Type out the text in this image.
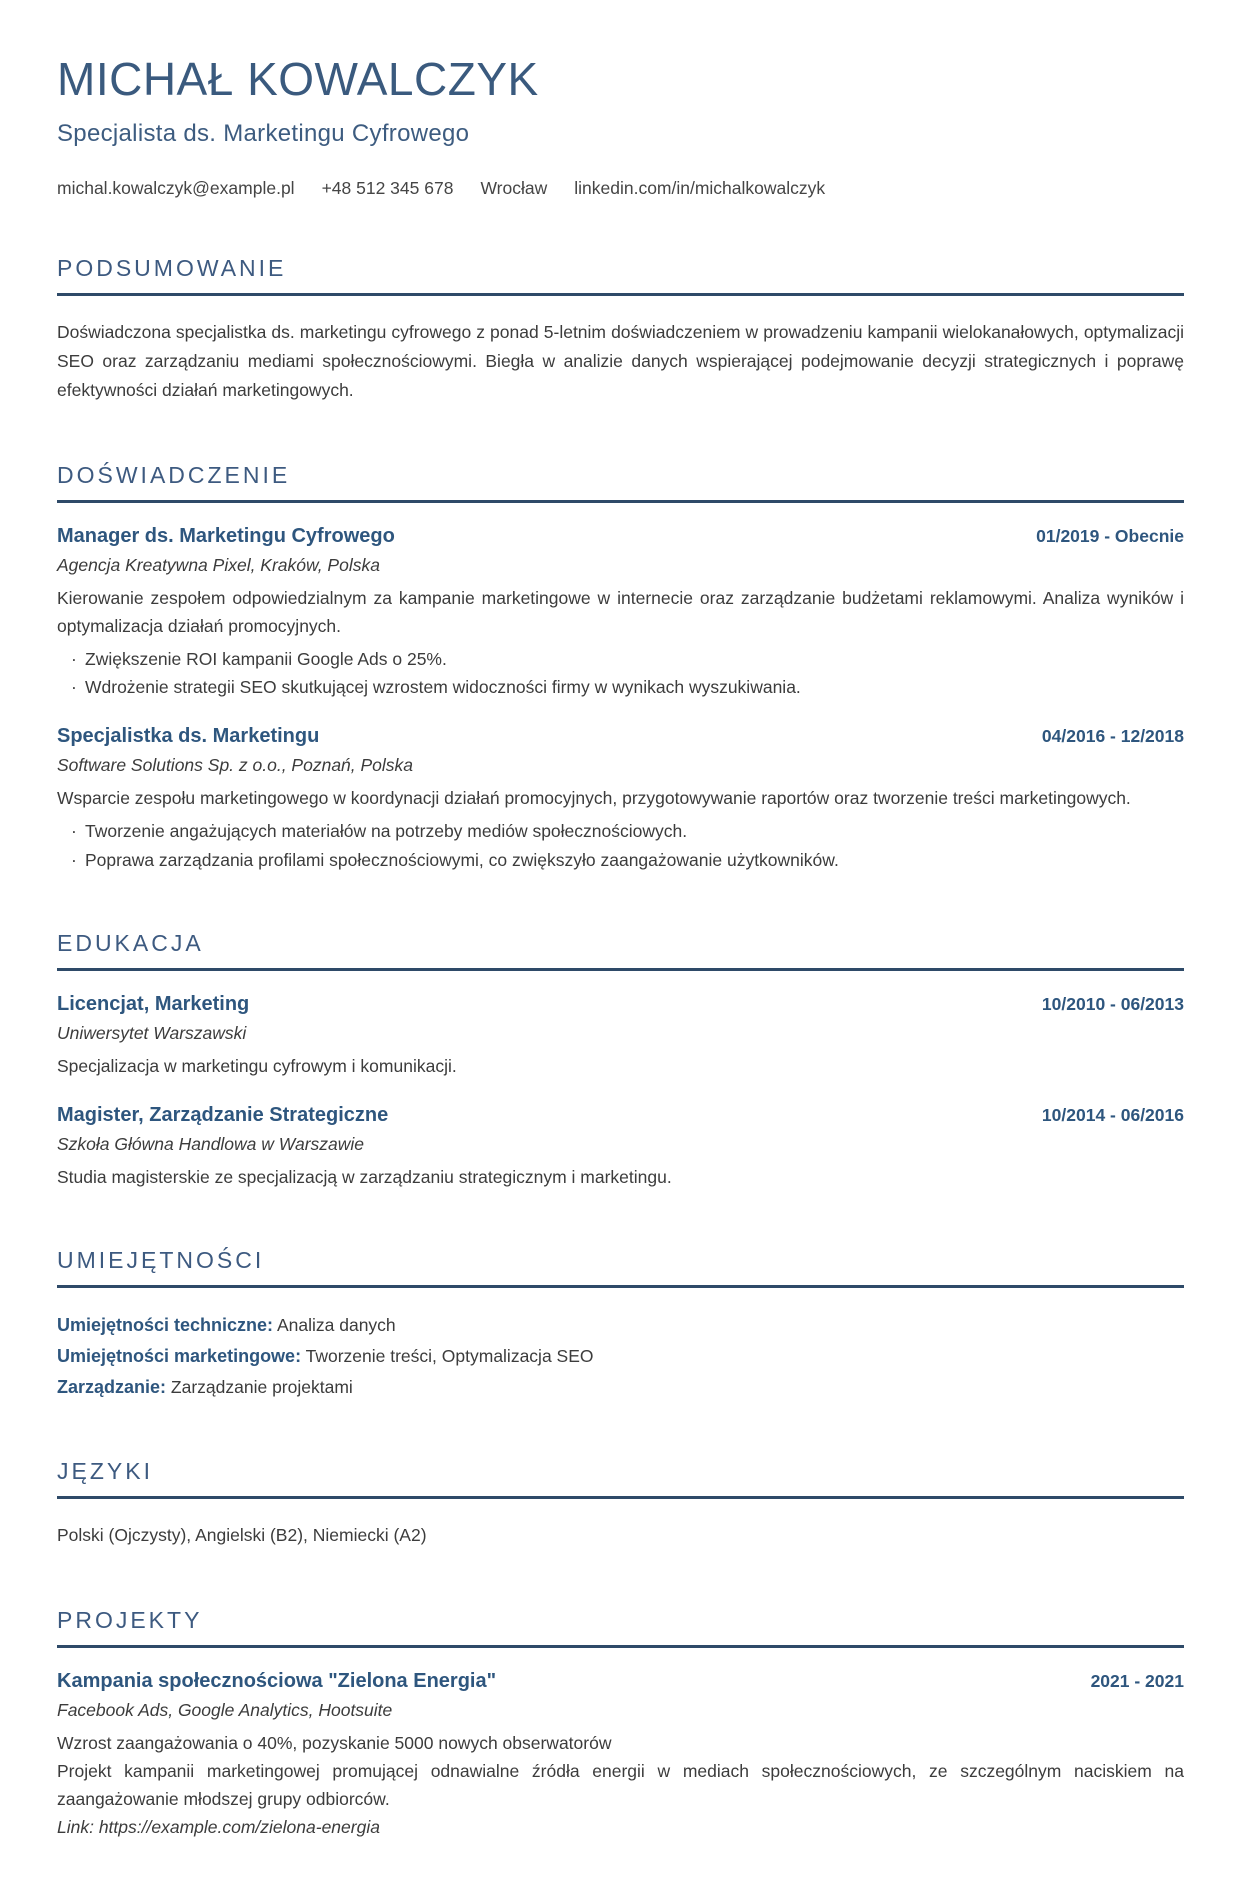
MICHAŁ KOWALCZYK
Specjalista ds. Marketingu Cyfrowego
michal.kowalczyk@example.pl +48 512 345 678 Wrocław linkedin.com/in/michalkowalczyk
PODSUMOWANIE

Doświadczona specjalistka ds. marketingu cyfrowego z ponad 5-letnim doświadczeniem w prowadzeniu kampanii wielokanałowych, optymalizacji SEO oraz zarządzaniu mediami społecznościowymi. Biegła w analizie danych wspierającej podejmowanie decyzji strategicznych i poprawę efektywności działań marketingowych.

DOŚWIADCZENIE
Manager ds. Marketingu Cyfrowego	01/2019 - Obecnie
Agencja Kreatywna Pixel, Kraków, Polska

Kierowanie zespołem odpowiedzialnym za kampanie marketingowe w internecie oraz zarządzanie budżetami reklamowymi. Analiza wyników i optymalizacja działań promocyjnych.

· Zwiększenie ROI kampanii Google Ads o 25%.
· Wdrożenie strategii SEO skutkującej wzrostem widoczności firmy w wynikach wyszukiwania.
Specjalistka ds. Marketingu	04/2016 - 12/2018
Software Solutions Sp. z o.o., Poznań, Polska

Wsparcie zespołu marketingowego w koordynacji działań promocyjnych, przygotowywanie raportów oraz tworzenie treści marketingowych.

· Tworzenie angażujących materiałów na potrzeby mediów społecznościowych.
· Poprawa zarządzania profilami społecznościowymi, co zwiększyło zaangażowanie użytkowników.
EDUKACJA
Licencjat, Marketing	10/2010 - 06/2013
Uniwersytet Warszawski

Specjalizacja w marketingu cyfrowym i komunikacji.

Magister, Zarządzanie Strategiczne	10/2014 - 06/2016
Szkoła Główna Handlowa w Warszawie

Studia magisterskie ze specjalizacją w zarządzaniu strategicznym i marketingu.

UMIEJĘTNOŚCI
Umiejętności techniczne: Analiza danych
Umiejętności marketingowe: Tworzenie treści, Optymalizacja SEO
Zarządzanie: Zarządzanie projektami
JĘZYKI

Polski (Ojczysty), Angielski (B2), Niemiecki (A2)

PROJEKTY
Kampania społecznościowa "Zielona Energia"	2021 - 2021
Facebook Ads, Google Analytics, Hootsuite
Wzrost zaangażowania o 40%, pozyskanie 5000 nowych obserwatorów

Projekt kampanii marketingowej promującej odnawialne źródła energii w mediach społecznościowych, ze szczególnym naciskiem na zaangażowanie młodszej grupy odbiorców.

Link: https://example.com/zielona-energia
